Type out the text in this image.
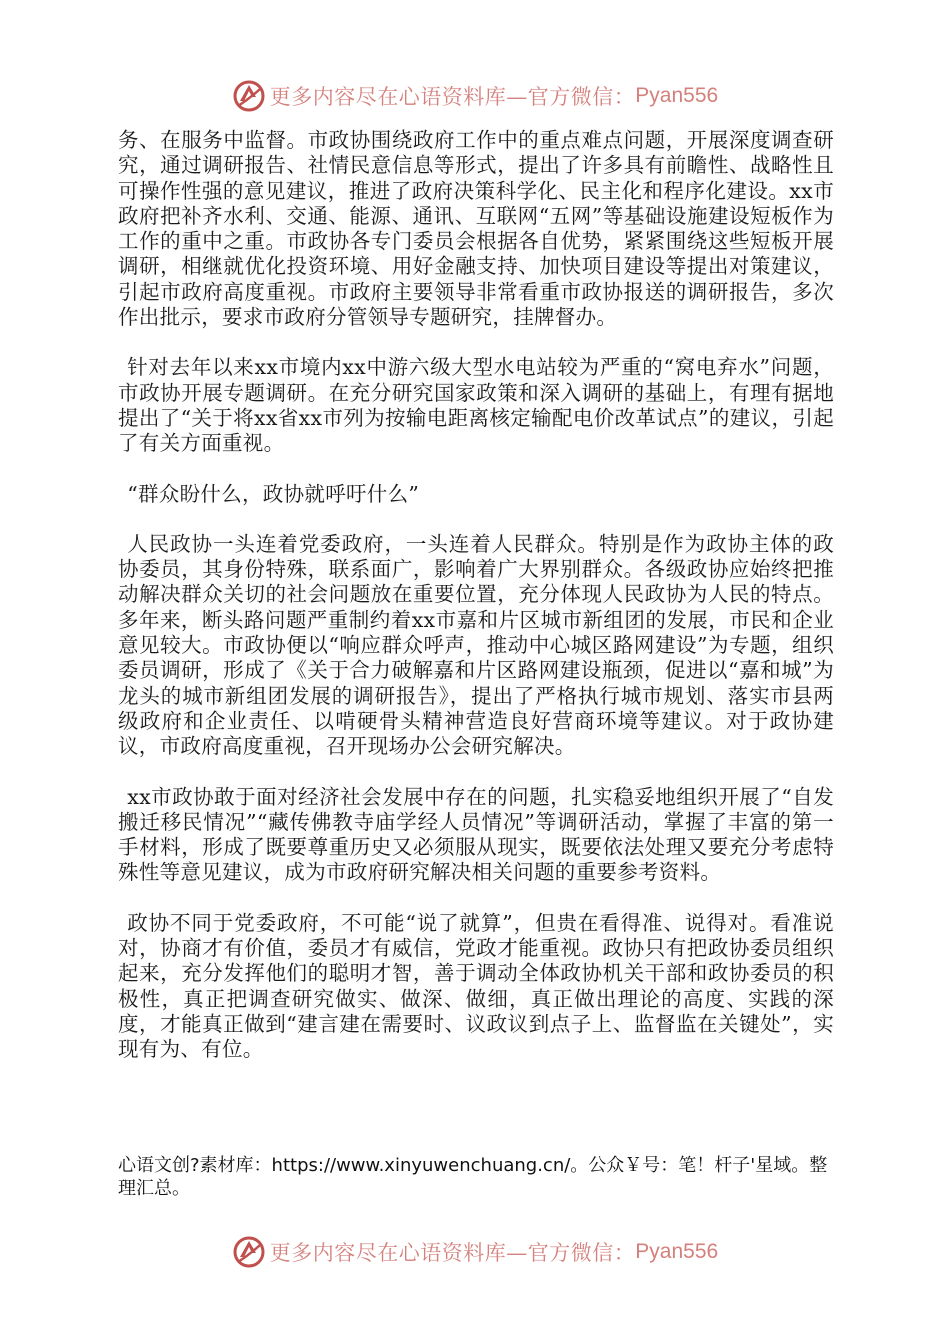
更多内容尽在心语资料库—官方微信： Pyan556

务、在服务中监督。市政协围绕政府工作中的重点难点问题，开展深度调查研究，通过调研报告、社情民意信息等形式，提出了许多具有前瞻性、战略性且可操作性强的意见建议，推进了政府决策科学化、民主化和程序化建设。xx市政府把补齐水利、交通、能源、通讯、互联网“五网”等基础设施建设短板作为工作的重中之重。市政协各专门委员会根据各自优势，紧紧围绕这些短板开展调研，相继就优化投资环境、用好金融支持、加快项目建设等提出对策建议，引起市政府高度重视。市政府主要领导非常看重市政协报送的调研报告，多次作出批示，要求市政府分管领导专题研究，挂牌督办。

针对去年以来xx市境内xx中游六级大型水电站较为严重的“窝电弃水”问题，市政协开展专题调研。在充分研究国家政策和深入调研的基础上，有理有据地提出了“关于将xx省xx市列为按输电距离核定输配电价改革试点”的建议，引起了有关方面重视。

“群众盼什么，政协就呼吁什么”

人民政协一头连着党委政府，一头连着人民群众。特别是作为政协主体的政协委员，其身份特殊，联系面广，影响着广大界别群众。各级政协应始终把推动解决群众关切的社会问题放在重要位置，充分体现人民政协为人民的特点。多年来，断头路问题严重制约着xx市嘉和片区城市新组团的发展，市民和企业意见较大。市政协便以“响应群众呼声，推动中心城区路网建设”为专题，组织委员调研，形成了《关于合力破解嘉和片区路网建设瓶颈，促进以“嘉和城”为龙头的城市新组团发展的调研报告》，提出了严格执行城市规划、落实市县两级政府和企业责任、以啃硬骨头精神营造良好营商环境等建议。对于政协建议，市政府高度重视，召开现场办公会研究解决。

xx市政协敢于面对经济社会发展中存在的问题，扎实稳妥地组织开展了“自发搬迁移民情况”“藏传佛教寺庙学经人员情况”等调研活动，掌握了丰富的第一手材料，形成了既要尊重历史又必须服从现实，既要依法处理又要充分考虑特殊性等意见建议，成为市政府研究解决相关问题的重要参考资料。

政协不同于党委政府，不可能“说了就算”，但贵在看得准、说得对。看准说对，协商才有价值，委员才有威信，党政才能重视。政协只有把政协委员组织起来，充分发挥他们的聪明才智，善于调动全体政协机关干部和政协委员的积极性，真正把调查研究做实、做深、做细，真正做出理论的高度、实践的深度，才能真正做到“建言建在需要时、议政议到点子上、监督监在关键处”，实现有为、有位。

心语文创?素材库：https://www.xinyuwenchuang.cn/。公众￥号：笔！杆子'星域。整理汇总。
更多内容尽在心语资料库—官方微信： Pyan556
